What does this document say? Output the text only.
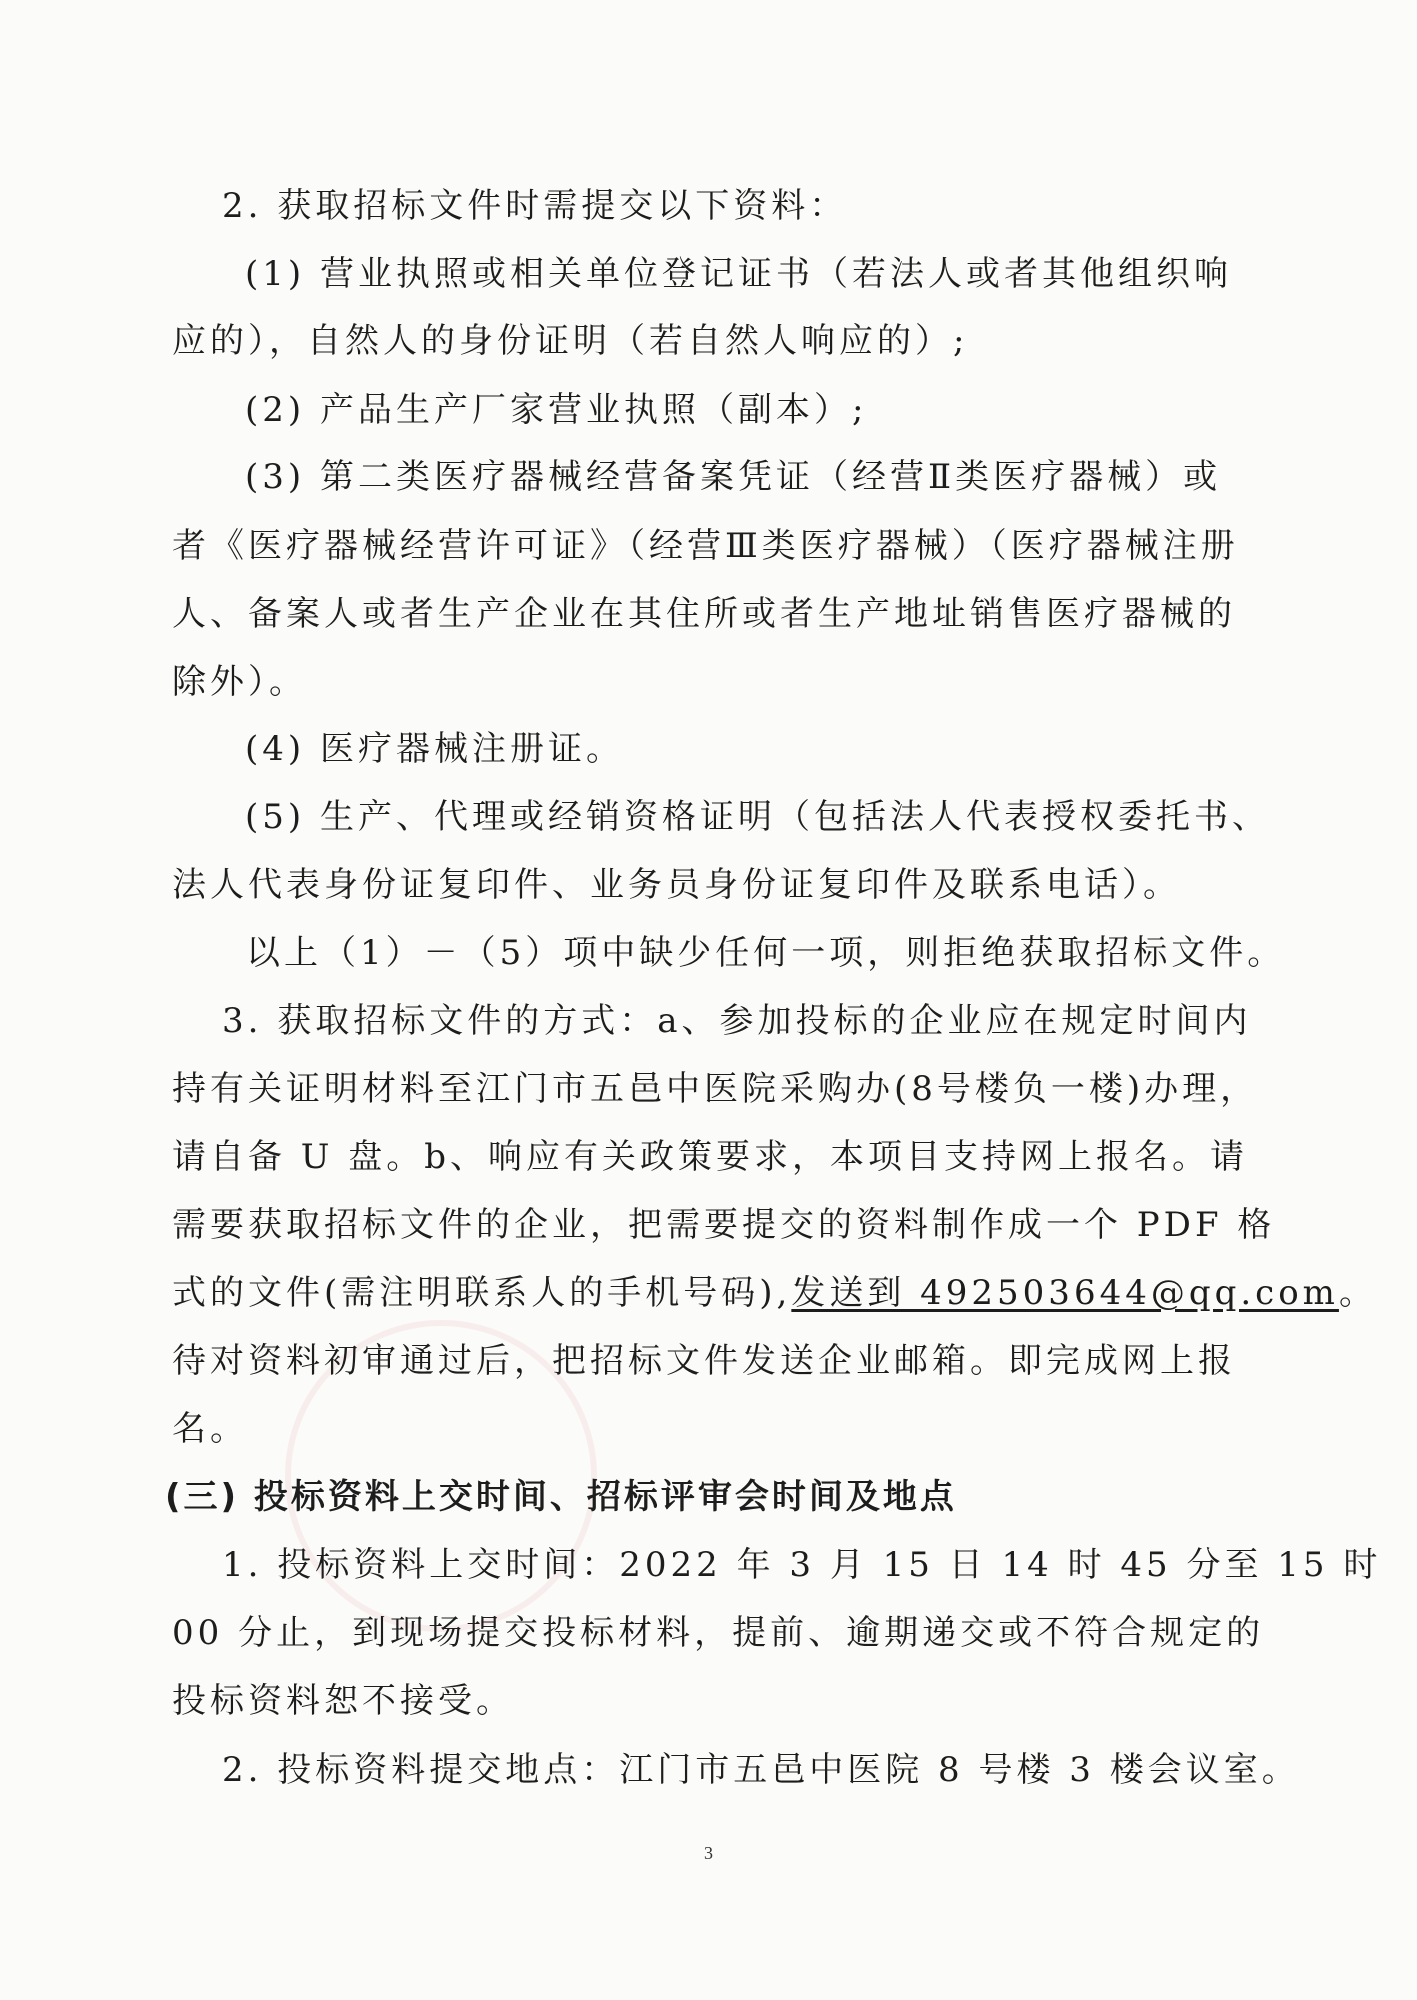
2. 获取招标文件时需提交以下资料：
(1) 营业执照或相关单位登记证书（若法人或者其他组织响
应的），自然人的身份证明（若自然人响应的）;
(2) 产品生产厂家营业执照（副本）;
(3) 第二类医疗器械经营备案凭证（经营Ⅱ类医疗器械）或
者《医疗器械经营许可证》（经营Ⅲ类医疗器械）（医疗器械注册
人、备案人或者生产企业在其住所或者生产地址销售医疗器械的
除外）。
(4) 医疗器械注册证。
(5) 生产、代理或经销资格证明（包括法人代表授权委托书、
法人代表身份证复印件、业务员身份证复印件及联系电话）。
以上（1）－（5）项中缺少任何一项，则拒绝获取招标文件。
3. 获取招标文件的方式：a、参加投标的企业应在规定时间内
持有关证明材料至江门市五邑中医院采购办(8号楼负一楼)办理，
请自备 U 盘。b、响应有关政策要求，本项目支持网上报名。请
需要获取招标文件的企业，把需要提交的资料制作成一个 PDF 格
式的文件(需注明联系人的手机号码),发送到 492503644@qq.com。
待对资料初审通过后，把招标文件发送企业邮箱。即完成网上报
名。
(三) 投标资料上交时间、招标评审会时间及地点
1. 投标资料上交时间：2022 年 3 月 15 日 14 时 45 分至 15 时
00 分止，到现场提交投标材料，提前、逾期递交或不符合规定的
投标资料恕不接受。
2. 投标资料提交地点：江门市五邑中医院 8 号楼 3 楼会议室。
3
